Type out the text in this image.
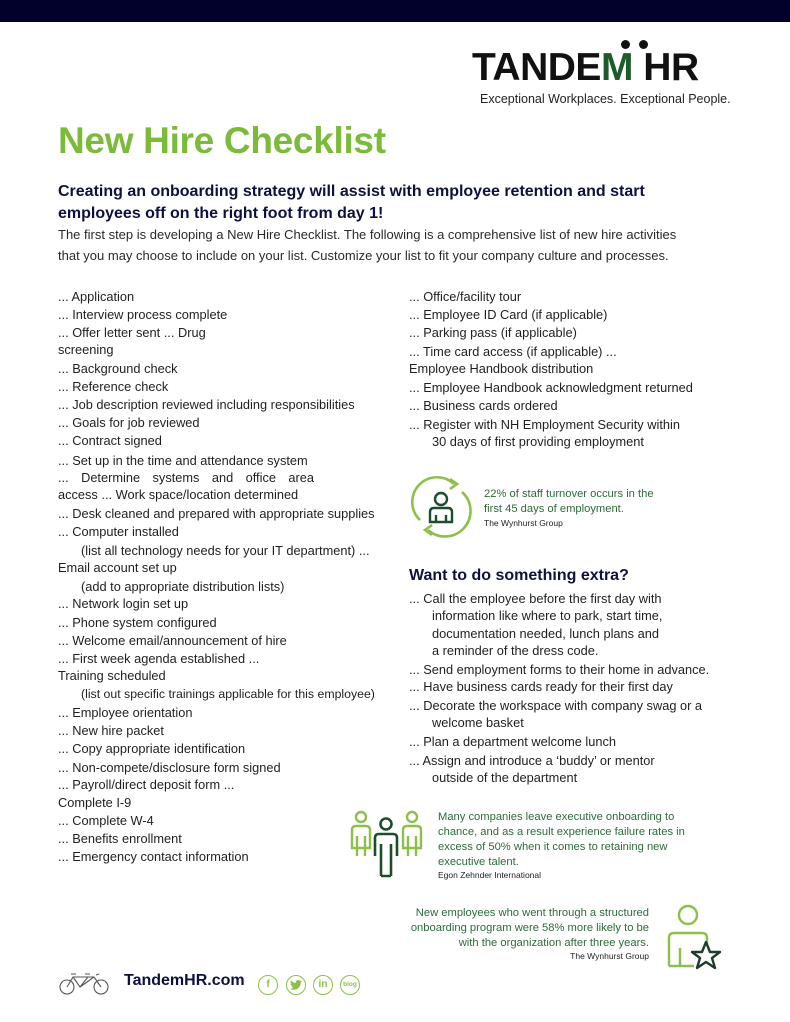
TANDEM HR
Exceptional Workplaces. Exceptional People.
New Hire Checklist
Creating an onboarding strategy will assist with employee retention and start employees off on the right foot from day 1!
The first step is developing a New Hire Checklist. The following is a comprehensive list of new hire activities
that you may choose to include on your list. Customize your list to fit your company culture and processes.
... Application
... Interview process complete
... Offer letter sent ... Drug
screening
... Background check
... Reference check
... Job description reviewed including responsibilities
... Goals for job reviewed
... Contract signed
... Set up in the time and attendance system
... Determine systems and office area
access ... Work space/location determined
... Desk cleaned and prepared with appropriate supplies
... Computer installed
(list all technology needs for your IT department) ...
Email account set up
(add to appropriate distribution lists)
... Network login set up
... Phone system configured
... Welcome email/announcement of hire
... First week agenda established ...
Training scheduled
(list out specific trainings applicable for this employee)
... Employee orientation
... New hire packet
... Copy appropriate identification
... Non-compete/disclosure form signed
... Payroll/direct deposit form ...
Complete I-9
... Complete W-4
... Benefits enrollment
... Emergency contact information
... Office/facility tour
... Employee ID Card (if applicable)
... Parking pass (if applicable)
... Time card access (if applicable) ...
Employee Handbook distribution
... Employee Handbook acknowledgment returned
... Business cards ordered
... Register with NH Employment Security within
30 days of first providing employment
22% of staff turnover occurs in the
first 45 days of employment.
The Wynhurst Group
Want to do something extra?
... Call the employee before the first day with
information like where to park, start time,
documentation needed, lunch plans and
a reminder of the dress code.
... Send employment forms to their home in advance.
... Have business cards ready for their first day
... Decorate the workspace with company swag or a
welcome basket
... Plan a department welcome lunch
... Assign and introduce a ‘buddy’ or mentor
outside of the department
Many companies leave executive onboarding to
chance, and as a result experience failure rates in
excess of 50% when it comes to retaining new
executive talent.
Egon Zehnder International
New employees who went through a structured
onboarding program were 58% more likely to be
with the organization after three years.
The Wynhurst Group
TandemHR.com	f	in	blog
